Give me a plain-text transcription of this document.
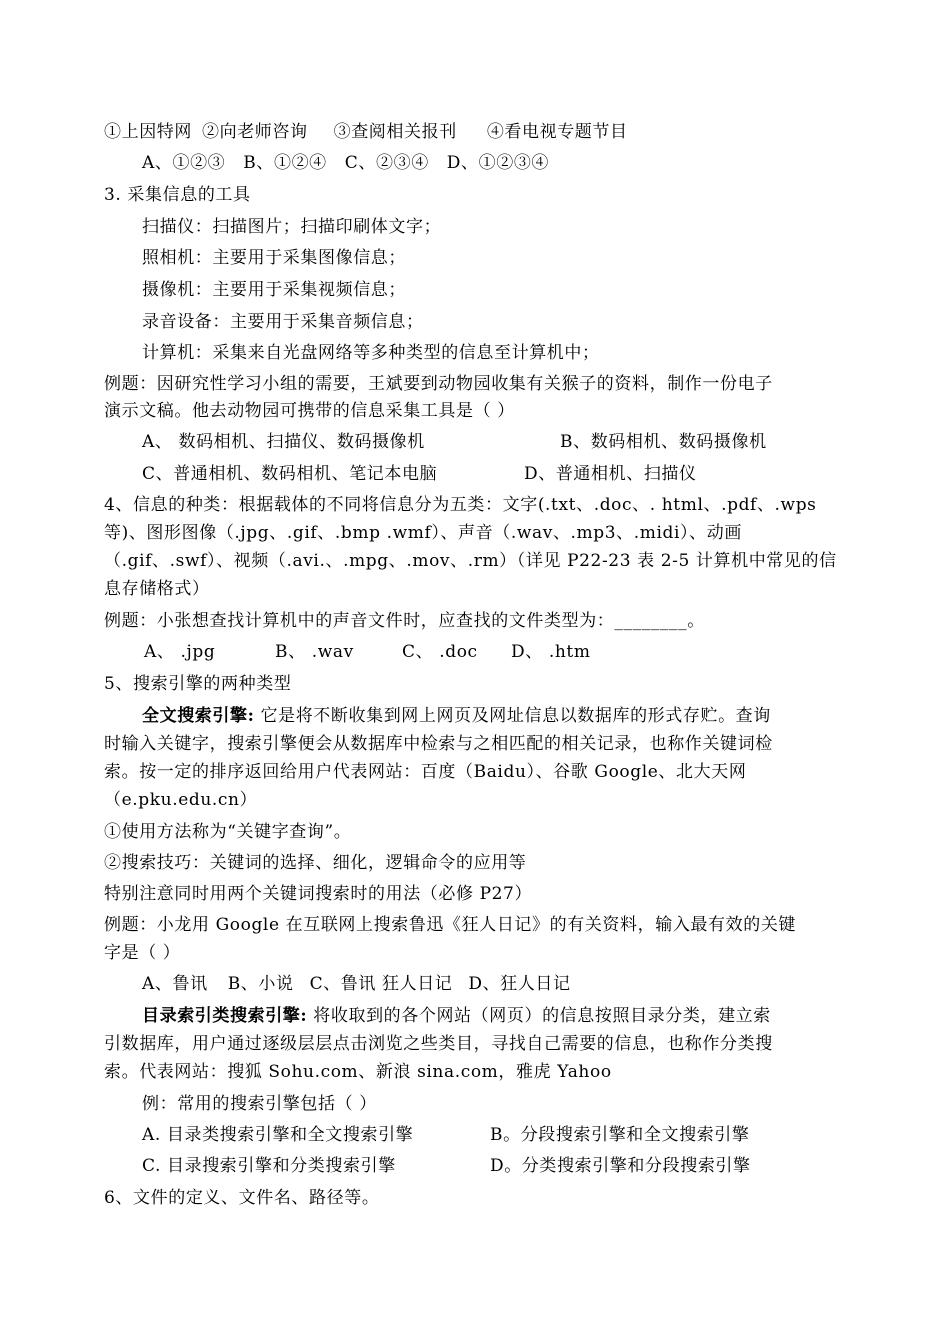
①上因特网 ②向老师咨询 ③查阅相关报刊 ④看电视专题节目
A、①②③ B、①②④ C、②③④ D、①②③④
3. 采集信息的工具
扫描仪：扫描图片；扫描印刷体文字；
照相机：主要用于采集图像信息；
摄像机：主要用于采集视频信息；
录音设备：主要用于采集音频信息；
计算机：采集来自光盘网络等多种类型的信息至计算机中；
例题：因研究性学习小组的需要，王斌要到动物园收集有关猴子的资料，制作一份电子
演示文稿。他去动物园可携带的信息采集工具是（ ）
A、 数码相机、扫描仪、数码摄像机	B、数码相机、数码摄像机
C、普通相机、数码相机、笔记本电脑	D、普通相机、扫描仪
4、信息的种类：根据载体的不同将信息分为五类：文字(.txt、.doc、. html、.pdf、.wps
等)、图形图像（.jpg、.gif、.bmp .wmf）、声音（.wav、.mp3、.midi）、动画
（.gif、.swf）、视频（.avi.、.mpg、.mov、.rm）（详见 P22-23 表 2-5 计算机中常见的信
息存储格式）
例题：小张想查找计算机中的声音文件时，应查找的文件类型为：________。
A、 .jpg	B、 .wav	C、 .doc D、 .htm
5、搜索引擎的两种类型
全文搜索引擎: 它是将不断收集到网上网页及网址信息以数据库的形式存贮。查询
时输入关键字，搜索引擎便会从数据库中检索与之相匹配的相关记录，也称作关键词检
索。按一定的排序返回给用户代表网站：百度（Baidu）、谷歌 Google、北大天网
（e.pku.edu.cn）
①使用方法称为“关键字查询”。
②搜索技巧：关键词的选择、细化，逻辑命令的应用等
特别注意同时用两个关键词搜索时的用法（必修 P27）
例题：小龙用 Google 在互联网上搜索鲁迅《狂人日记》的有关资料，输入最有效的关键
字是（ ）
A、鲁讯 B、小说 C、鲁讯 狂人日记 D、狂人日记
目录索引类搜索引擎: 将收取到的各个网站（网页）的信息按照目录分类，建立索
引数据库，用户通过逐级层层点击浏览之些类目，寻找自己需要的信息，也称作分类搜
索。代表网站：搜狐 Sohu.com、新浪 sina.com，雅虎 Yahoo
例：常用的搜索引擎包括（ ）
A. 目录类搜索引擎和全文搜索引擎	B。分段搜索引擎和全文搜索引擎
C. 目录搜索引擎和分类搜索引擎	D。分类搜索引擎和分段搜索引擎
6、文件的定义、文件名、路径等。
